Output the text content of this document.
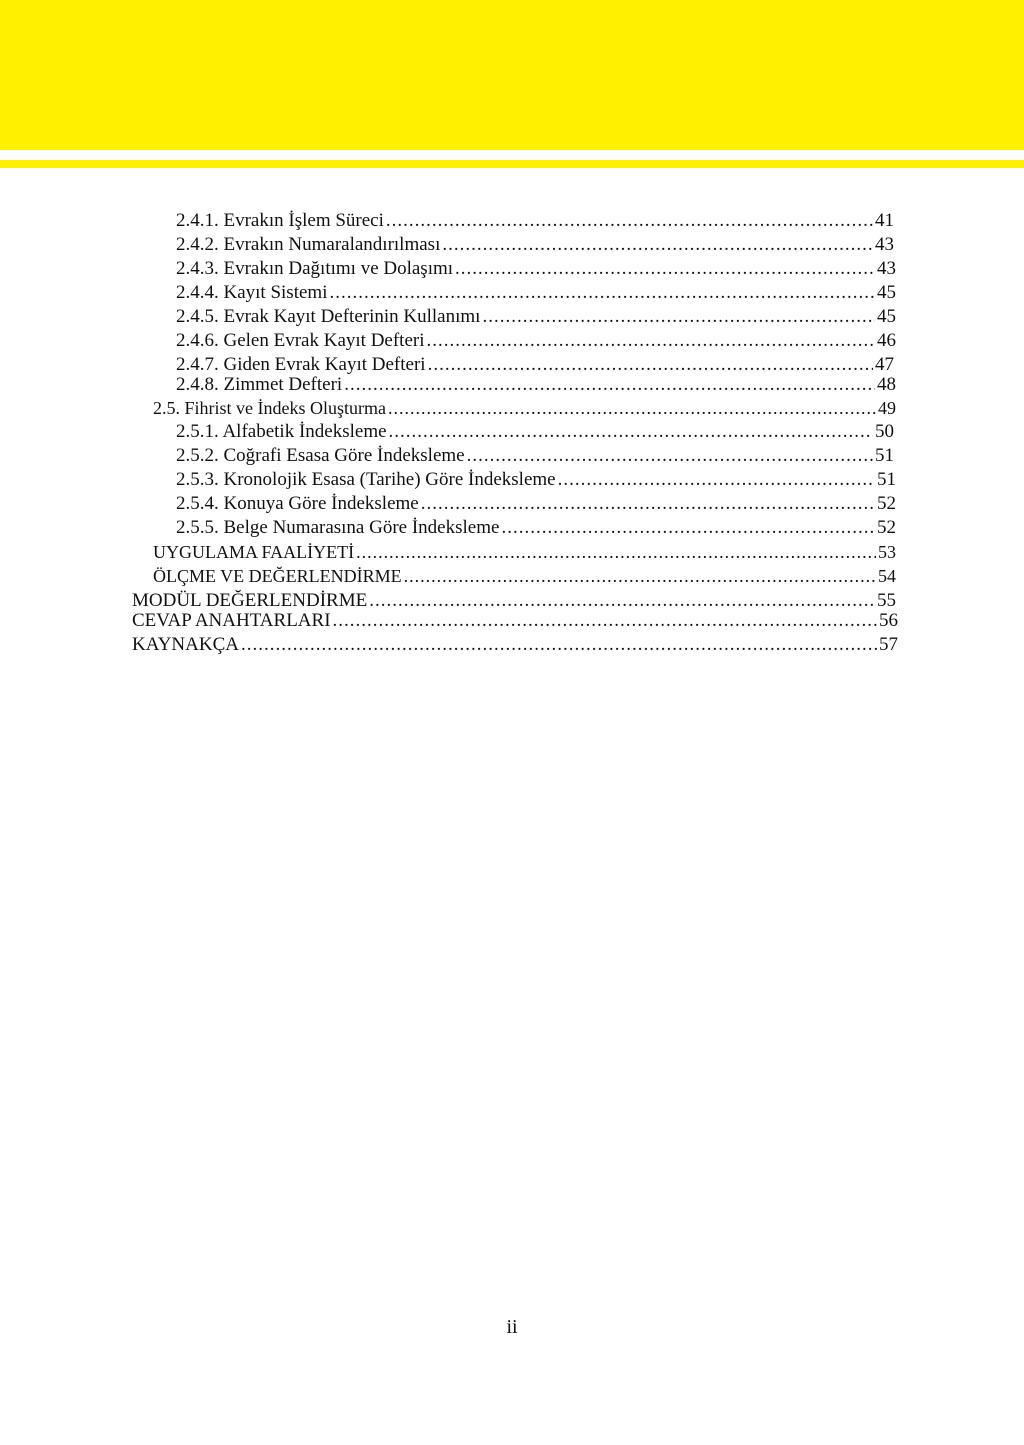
2.4.1. Evrakın İşlem Süreci .....	41
2.4.2. Evrakın Numaralandırılması .....	43
2.4.3. Evrakın Dağıtımı ve Dolaşımı .....	43
2.4.4. Kayıt Sistemi .....	45
2.4.5. Evrak Kayıt Defterinin Kullanımı .....	45
2.4.6. Gelen Evrak Kayıt Defteri .....	46
2.4.7. Giden Evrak Kayıt Defteri .....	47
2.4.8. Zimmet Defteri .....	48
2.5. Fihrist ve İndeks Oluşturma .....	49
2.5.1. Alfabetik İndeksleme .....	50
2.5.2. Coğrafi Esasa Göre İndeksleme .....	51
2.5.3. Kronolojik Esasa (Tarihe) Göre İndeksleme .....	51
2.5.4. Konuya Göre İndeksleme .....	52
2.5.5. Belge Numarasına Göre İndeksleme .....	52
UYGULAMA FAALİYETİ .....	53
ÖLÇME VE DEĞERLENDİRME .....	54
MODÜL DEĞERLENDİRME .....	55
CEVAP ANAHTARLARI .....	56
KAYNAKÇA .....	57
ii
